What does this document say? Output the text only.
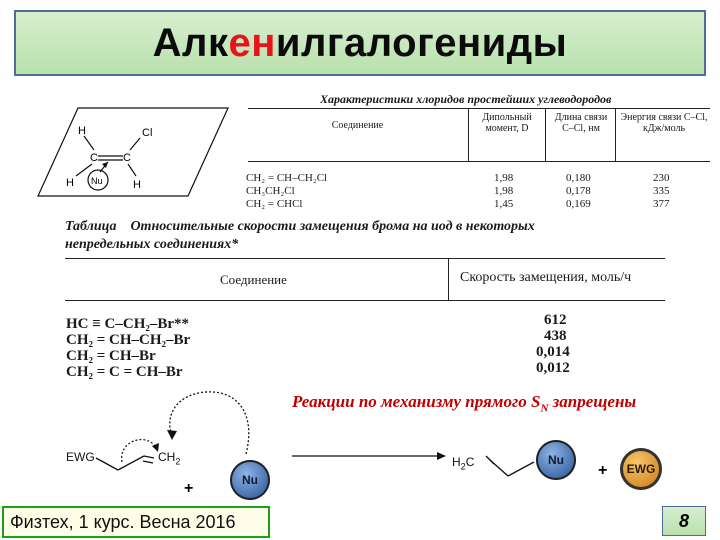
Алкенилгалогениды
H	Cl
C C
H	H
Nu
Характеристики хлоридов простейших углеводородов
Соединение
Дипольный момент, D
Длина связи C–Cl, нм
Энергия связи C–Cl, кДж/моль
CH₂ = CH–CH₂Cl	1,98	0,180	230
CH₃CH₂Cl	1,98	0,178	335
CH₂ = CHCl	1,45	0,169	377
Таблица    Относительные скорости замещения брома на иод в некоторых
непредельных соединениях*
Соединение	Скорость замещения, моль/ч
HC ≡ C–CH₂–Br**	612
CH₂ = CH–CH₂–Br	438
CH₂ = CH–Br	0,014
CH₂ = C = CH–Br	0,012
Реакции по механизму прямого $S_N$ запрещены
EWG	$CH_2$
Nu
+
$H_2C$	Nu
+	EWG
Физтех, 1 курс. Весна 2016	8
